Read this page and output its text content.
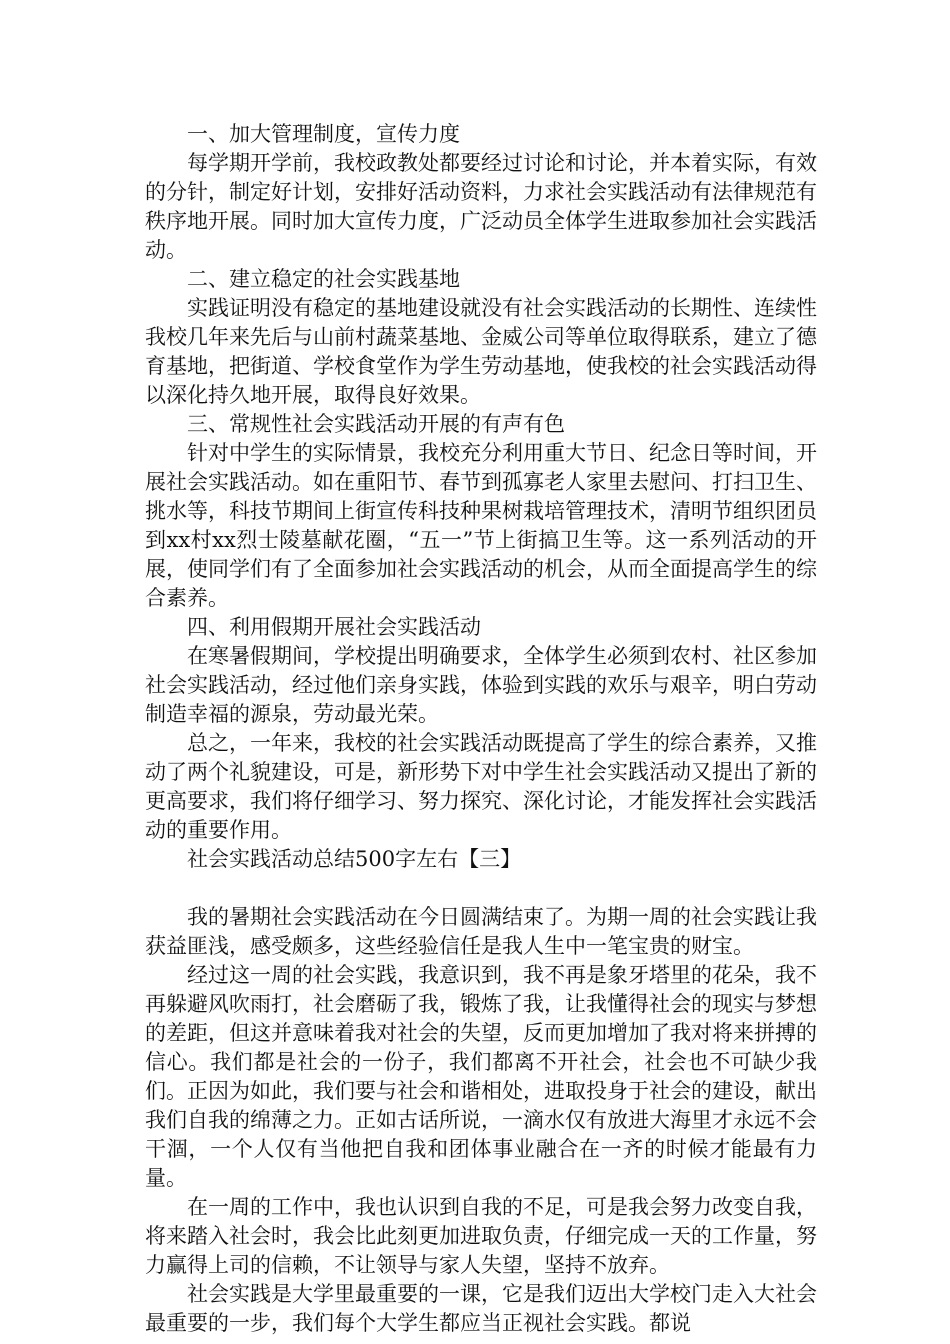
一、加大管理制度，宣传力度

每学期开学前，我校政教处都要经过讨论和讨论，并本着实际，有效的分针，制定好计划，安排好活动资料，力求社会实践活动有法律规范有秩序地开展。同时加大宣传力度，广泛动员全体学生进取参加社会实践活动。

二、建立稳定的社会实践基地

实践证明没有稳定的基地建设就没有社会实践活动的长期性、连续性我校几年来先后与山前村蔬菜基地、金威公司等单位取得联系，建立了德育基地，把街道、学校食堂作为学生劳动基地，使我校的社会实践活动得以深化持久地开展，取得良好效果。

三、常规性社会实践活动开展的有声有色

针对中学生的实际情景，我校充分利用重大节日、纪念日等时间，开展社会实践活动。如在重阳节、春节到孤寡老人家里去慰问、打扫卫生、挑水等，科技节期间上街宣传科技种果树栽培管理技术，清明节组织团员到xx村xx烈士陵墓献花圈，“五一”节上街搞卫生等。这一系列活动的开展，使同学们有了全面参加社会实践活动的机会，从而全面提高学生的综合素养。

四、利用假期开展社会实践活动

在寒暑假期间，学校提出明确要求，全体学生必须到农村、社区参加社会实践活动，经过他们亲身实践，体验到实践的欢乐与艰辛，明白劳动制造幸福的源泉，劳动最光荣。

总之，一年来，我校的社会实践活动既提高了学生的综合素养，又推动了两个礼貌建设，可是，新形势下对中学生社会实践活动又提出了新的更高要求，我们将仔细学习、努力探究、深化讨论，才能发挥社会实践活动的重要作用。

社会实践活动总结500字左右【三】

我的暑期社会实践活动在今日圆满结束了。为期一周的社会实践让我获益匪浅，感受颇多，这些经验信任是我人生中一笔宝贵的财宝。

经过这一周的社会实践，我意识到，我不再是象牙塔里的花朵，我不再躲避风吹雨打，社会磨砺了我，锻炼了我，让我懂得社会的现实与梦想的差距，但这并意味着我对社会的失望，反而更加增加了我对将来拼搏的信心。我们都是社会的一份子，我们都离不开社会，社会也不可缺少我们。正因为如此，我们要与社会和谐相处，进取投身于社会的建设，献出我们自我的绵薄之力。正如古话所说，一滴水仅有放进大海里才永远不会干涸，一个人仅有当他把自我和团体事业融合在一齐的时候才能最有力量。

在一周的工作中，我也认识到自我的不足，可是我会努力改变自我，将来踏入社会时，我会比此刻更加进取负责，仔细完成一天的工作量，努力赢得上司的信赖，不让领导与家人失望，坚持不放弃。

社会实践是大学里最重要的一课，它是我们迈出大学校门走入大社会最重要的一步，我们每个大学生都应当正视社会实践。都说
